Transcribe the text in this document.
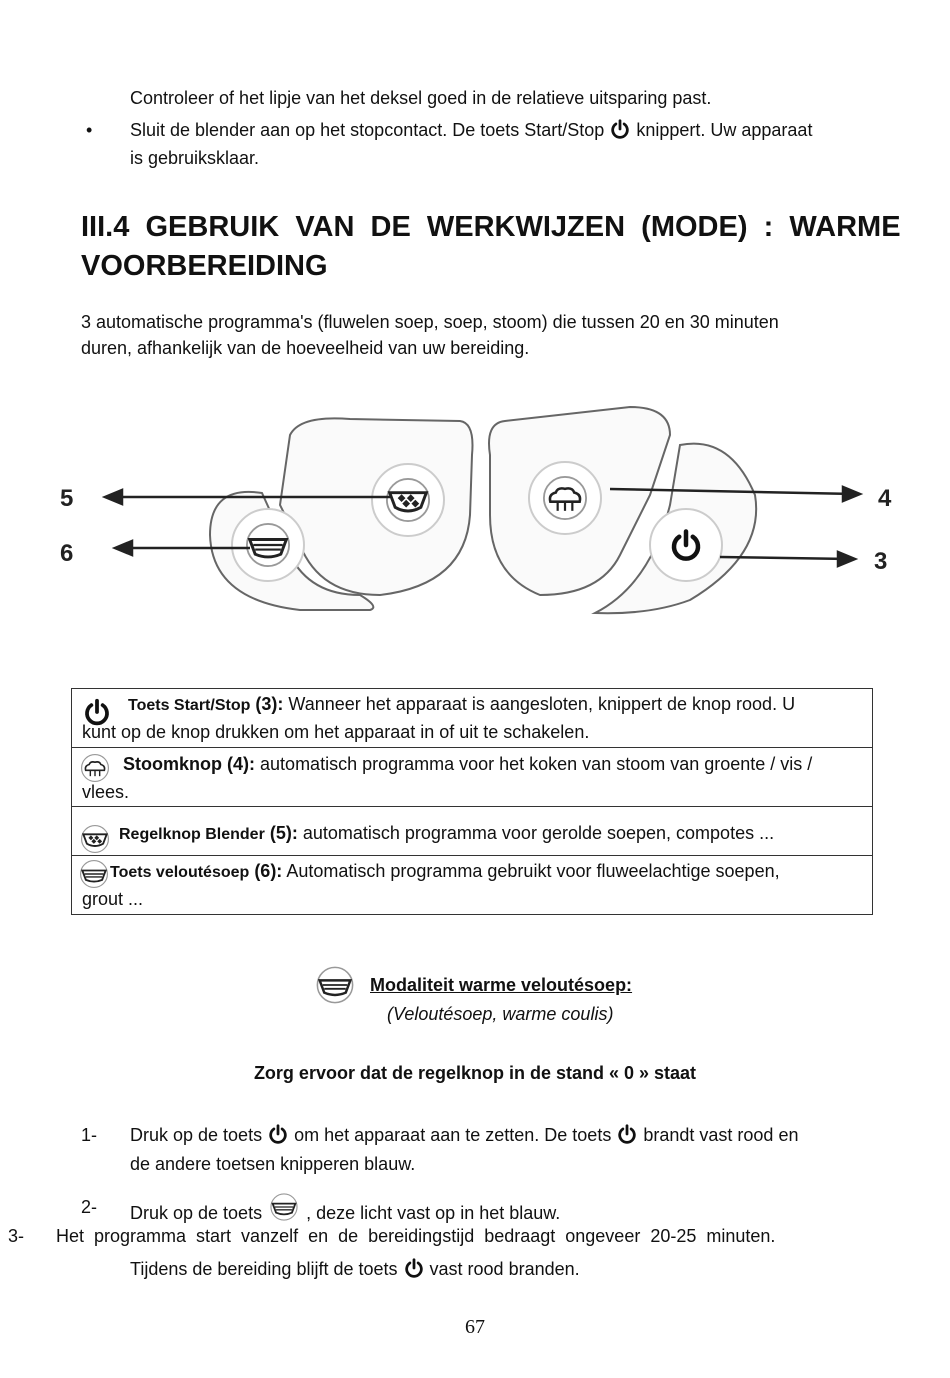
Controleer of het lipje van het deksel goed in de relatieve uitsparing past.
• Sluit de blender aan op het stopcontact. De toets Start/Stop knippert. Uw apparaat
is gebruiksklaar.
III.4  GEBRUIK  VAN  DE  WERKWIJZEN  (MODE)  :  WARME
VOORBEREIDING
3 automatische programma's (fluwelen soep, soep, stoom) die tussen 20 en 30 minuten
duren, afhankelijk van de hoeveelheid van uw bereiding.
5
6
4
3
Toets Start/Stop (3): Wanneer het apparaat is aangesloten, knippert de knop rood. U
kunt op de knop drukken om het apparaat in of uit te schakelen.
Stoomknop (4): automatisch programma voor het koken van stoom van groente / vis /
vlees.
Regelknop Blender (5): automatisch programma voor gerolde soepen, compotes ...
Toets veloutésoep (6): Automatisch programma gebruikt voor fluweelachtige soepen,
grout ...
Modaliteit warme veloutésoep:
(Veloutésoep, warme coulis)
Zorg ervoor dat de regelknop in de stand « 0 » staat
1- Druk op de toets om het apparaat aan te zetten. De toets brandt vast rood en
de andere toetsen knipperen blauw.
2- Druk op de toets , deze licht vast op in het blauw.
3- Het  programma  start  vanzelf  en  de  bereidingstijd  bedraagt  ongeveer  20-25  minuten.
Tijdens de bereiding blijft de toets vast rood branden.
67
